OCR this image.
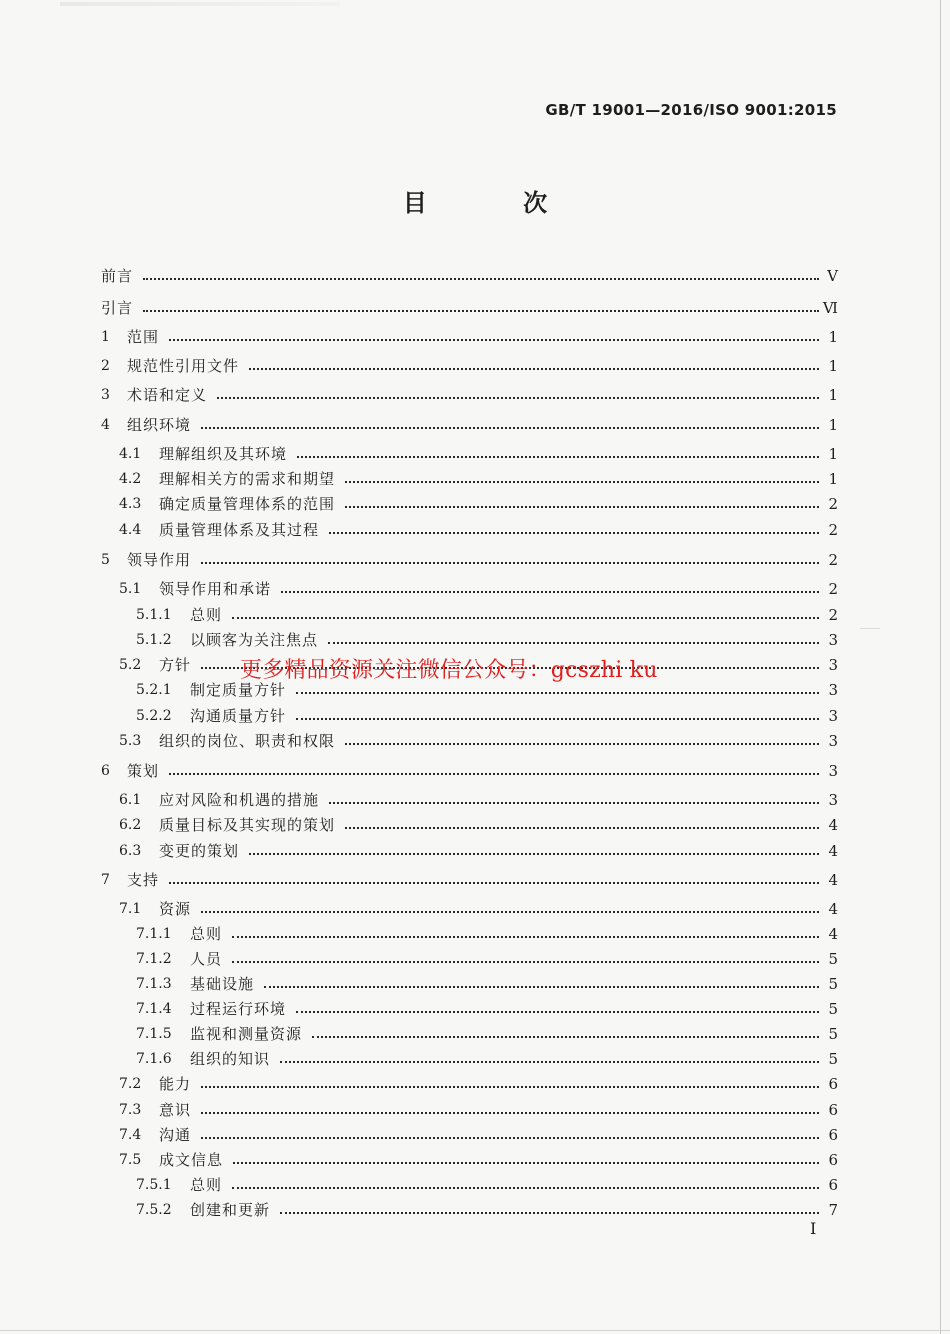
GB/T 19001—2016/ISO 9001:2015
目 次
前言	Ⅴ
引言	Ⅵ
1 范围	1
2 规范性引用文件	1
3 术语和定义	1
4 组织环境	1
4.1 理解组织及其环境	1
4.2 理解相关方的需求和期望	1
4.3 确定质量管理体系的范围	2
4.4 质量管理体系及其过程	2
5 领导作用	2
5.1 领导作用和承诺	2
5.1.1 总则	2
5.1.2 以顾客为关注焦点	3
5.2 方针	3
5.2.1 制定质量方针	3
5.2.2 沟通质量方针	3
5.3 组织的岗位、职责和权限	3
6 策划	3
6.1 应对风险和机遇的措施	3
6.2 质量目标及其实现的策划	4
6.3 变更的策划	4
7 支持	4
7.1 资源	4
7.1.1 总则	4
7.1.2 人员	5
7.1.3 基础设施	5
7.1.4 过程运行环境	5
7.1.5 监视和测量资源	5
7.1.6 组织的知识	5
7.2 能力	6
7.3 意识	6
7.4 沟通	6
7.5 成文信息	6
7.5.1 总则	6
7.5.2 创建和更新	7
更多精品资源关注微信公众号：gcszhi ku
I
